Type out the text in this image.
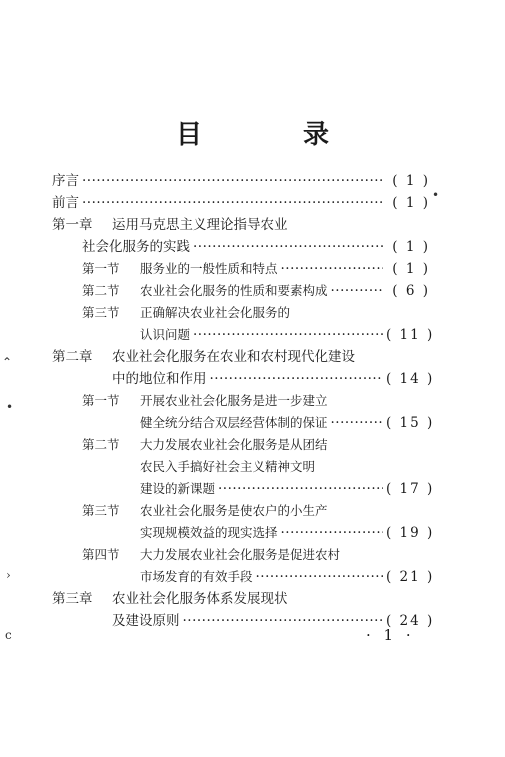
目 录
序言 ·····	( 1 )
前言 ·····	( 1 )
第一章	运用马克思主义理论指导农业
社会化服务的实践 ·····	( 1 )
第一节	服务业的一般性质和特点 ·····	( 1 )
第二节	农业社会化服务的性质和要素构成 ·····	( 6 )
第三节	正确解决农业社会化服务的
认识问题 ·····	( 11 )
第二章	农业社会化服务在农业和农村现代化建设
中的地位和作用 ·····	( 14 )
第一节	开展农业社会化服务是进一步建立
健全统分结合双层经营体制的保证 ·····	( 15 )
第二节	大力发展农业社会化服务是从团结
农民入手搞好社会主义精神文明
建设的新课题 ·····	( 17 )
第三节	农业社会化服务是使农户的小生产
实现规模效益的现实选择 ·····	( 19 )
第四节	大力发展农业社会化服务是促进农村
市场发育的有效手段 ·····	( 21 )
第三章	农业社会化服务体系发展现状
及建设原则 ·····	( 24 )
· 1 ·
⌃
•
›
c
•
